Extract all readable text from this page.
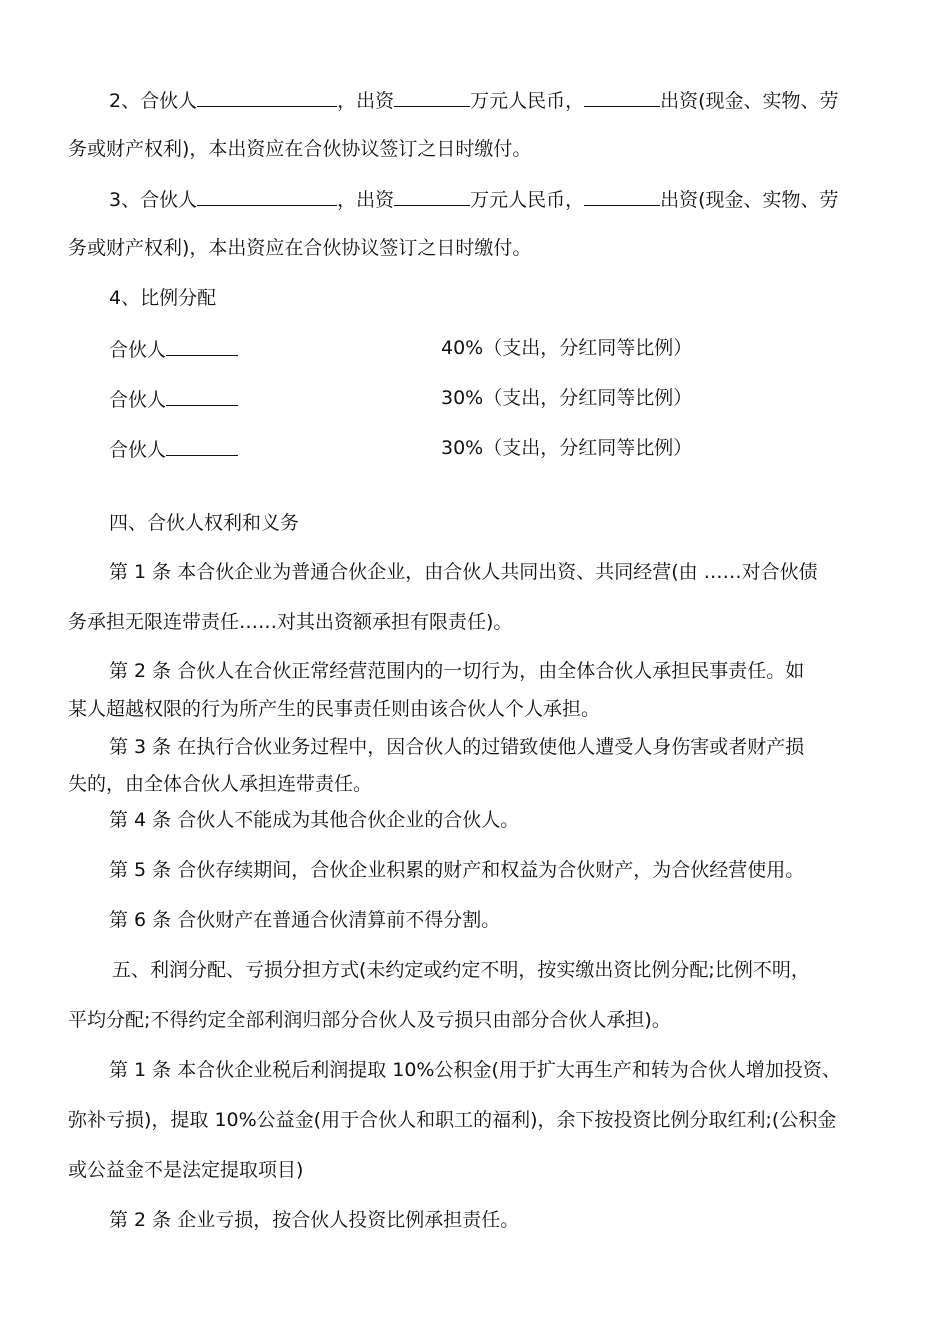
2、合伙人	，出资	万元人民币，	出资(现金、实物、劳
务或财产权利)，本出资应在合伙协议签订之日时缴付。
3、合伙人	，出资	万元人民币，	出资(现金、实物、劳
务或财产权利)，本出资应在合伙协议签订之日时缴付。
4、比例分配
合伙人	40%（支出，分红同等比例）
合伙人	30%（支出，分红同等比例）
合伙人	30%（支出，分红同等比例）
四、合伙人权利和义务
第 1 条 本合伙企业为普通合伙企业，由合伙人共同出资、共同经营(由 ……对合伙债
务承担无限连带责任……对其出资额承担有限责任)。
第 2 条 合伙人在合伙正常经营范围内的一切行为，由全体合伙人承担民事责任。如
某人超越权限的行为所产生的民事责任则由该合伙人个人承担。
第 3 条 在执行合伙业务过程中，因合伙人的过错致使他人遭受人身伤害或者财产损
失的，由全体合伙人承担连带责任。
第 4 条 合伙人不能成为其他合伙企业的合伙人。
第 5 条 合伙存续期间，合伙企业积累的财产和权益为合伙财产，为合伙经营使用。
第 6 条 合伙财产在普通合伙清算前不得分割。
五、利润分配、亏损分担方式(未约定或约定不明，按实缴出资比例分配;比例不明，
平均分配;不得约定全部利润归部分合伙人及亏损只由部分合伙人承担)。
第 1 条 本合伙企业税后利润提取 10%公积金(用于扩大再生产和转为合伙人增加投资、
弥补亏损)，提取 10%公益金(用于合伙人和职工的福利)，余下按投资比例分取红利;(公积金
或公益金不是法定提取项目)
第 2 条 企业亏损，按合伙人投资比例承担责任。
